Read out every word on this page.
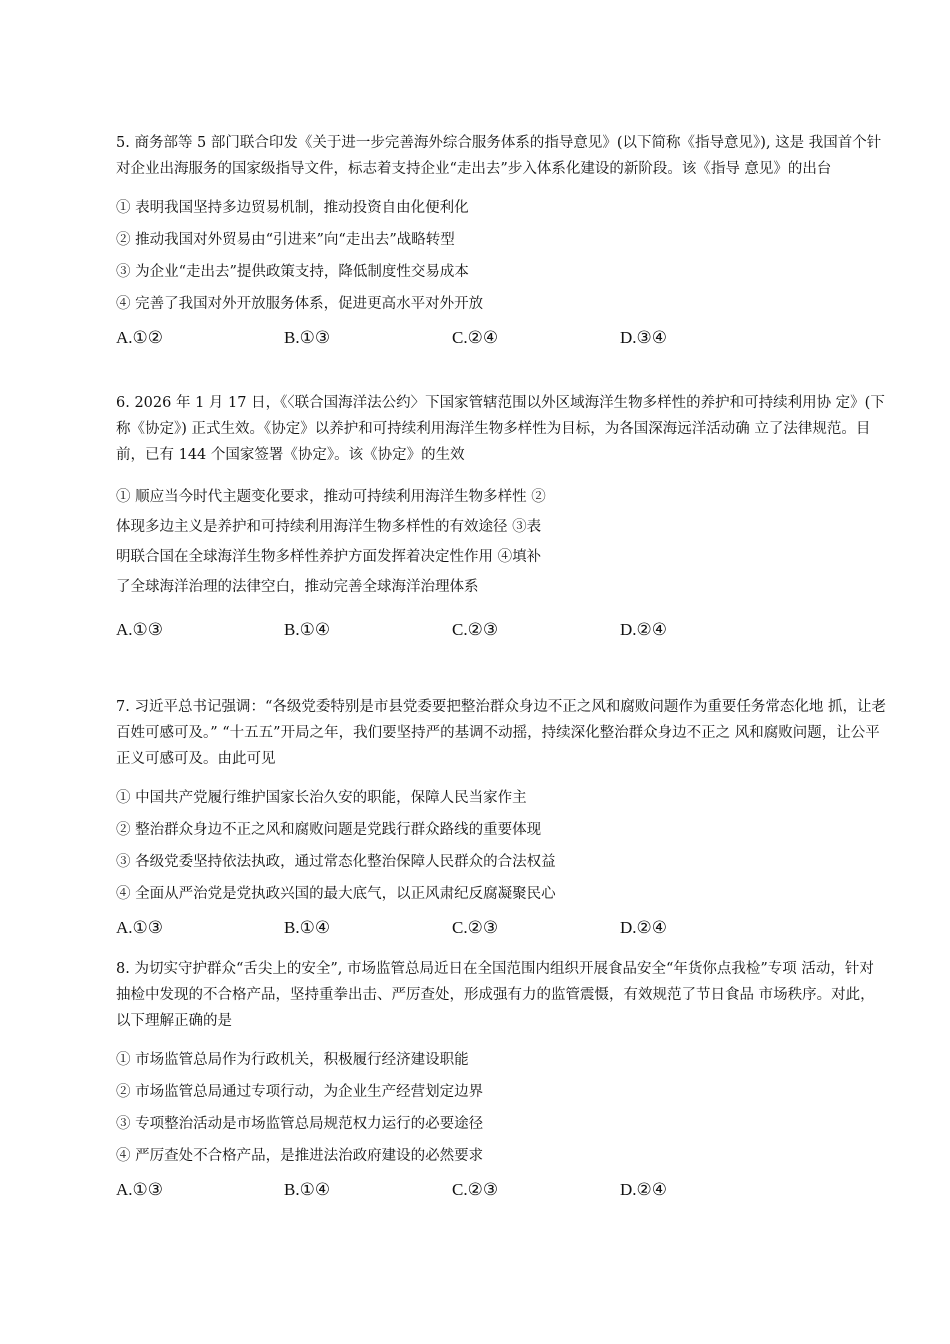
5. 商务部等 5 部门联合印发《关于进一步完善海外综合服务体系的指导意见》(以下简称《指导意见》), 这是 我国首个针对企业出海服务的国家级指导文件，标志着支持企业“走出去”步入体系化建设的新阶段。该《指导 意见》的出台

① 表明我国坚持多边贸易机制，推动投资自由化便利化

② 推动我国对外贸易由“引进来”向“走出去”战略转型

③ 为企业“走出去”提供政策支持，降低制度性交易成本

④ 完善了我国对外开放服务体系，促进更高水平对外开放

A.①②	B.①③	C.②④	D.③④

6. 2026 年 1 月 17 日，《〈联合国海洋法公约〉下国家管辖范围以外区域海洋生物多样性的养护和可持续利用协 定》(下称《协定》) 正式生效。《协定》以养护和可持续利用海洋生物多样性为目标，为各国深海远洋活动确 立了法律规范。目前，已有 144 个国家签署《协定》。该《协定》的生效

① 顺应当今时代主题变化要求，推动可持续利用海洋生物多样性 ②体现多边主义是养护和可持续利用海洋生物多样性的有效途径 ③表明联合国在全球海洋生物多样性养护方面发挥着决定性作用 ④填补了全球海洋治理的法律空白，推动完善全球海洋治理体系

A.①③	B.①④	C.②③	D.②④

7. 习近平总书记强调：“各级党委特别是市县党委要把整治群众身边不正之风和腐败问题作为重要任务常态化地 抓，让老百姓可感可及。” “十五五”开局之年，我们要坚持严的基调不动摇，持续深化整治群众身边不正之 风和腐败问题，让公平正义可感可及。由此可见

① 中国共产党履行维护国家长治久安的职能，保障人民当家作主

② 整治群众身边不正之风和腐败问题是党践行群众路线的重要体现

③ 各级党委坚持依法执政，通过常态化整治保障人民群众的合法权益

④ 全面从严治党是党执政兴国的最大底气，以正风肃纪反腐凝聚民心

A.①③	B.①④	C.②③	D.②④

8. 为切实守护群众“舌尖上的安全”, 市场监管总局近日在全国范围内组织开展食品安全“年货你点我检”专项 活动，针对抽检中发现的不合格产品，坚持重拳出击、严厉查处，形成强有力的监管震慑，有效规范了节日食品 市场秩序。对此，以下理解正确的是

① 市场监管总局作为行政机关，积极履行经济建设职能

② 市场监管总局通过专项行动，为企业生产经营划定边界

③ 专项整治活动是市场监管总局规范权力运行的必要途径

④ 严厉查处不合格产品，是推进法治政府建设的必然要求

A.①③	B.①④	C.②③	D.②④
